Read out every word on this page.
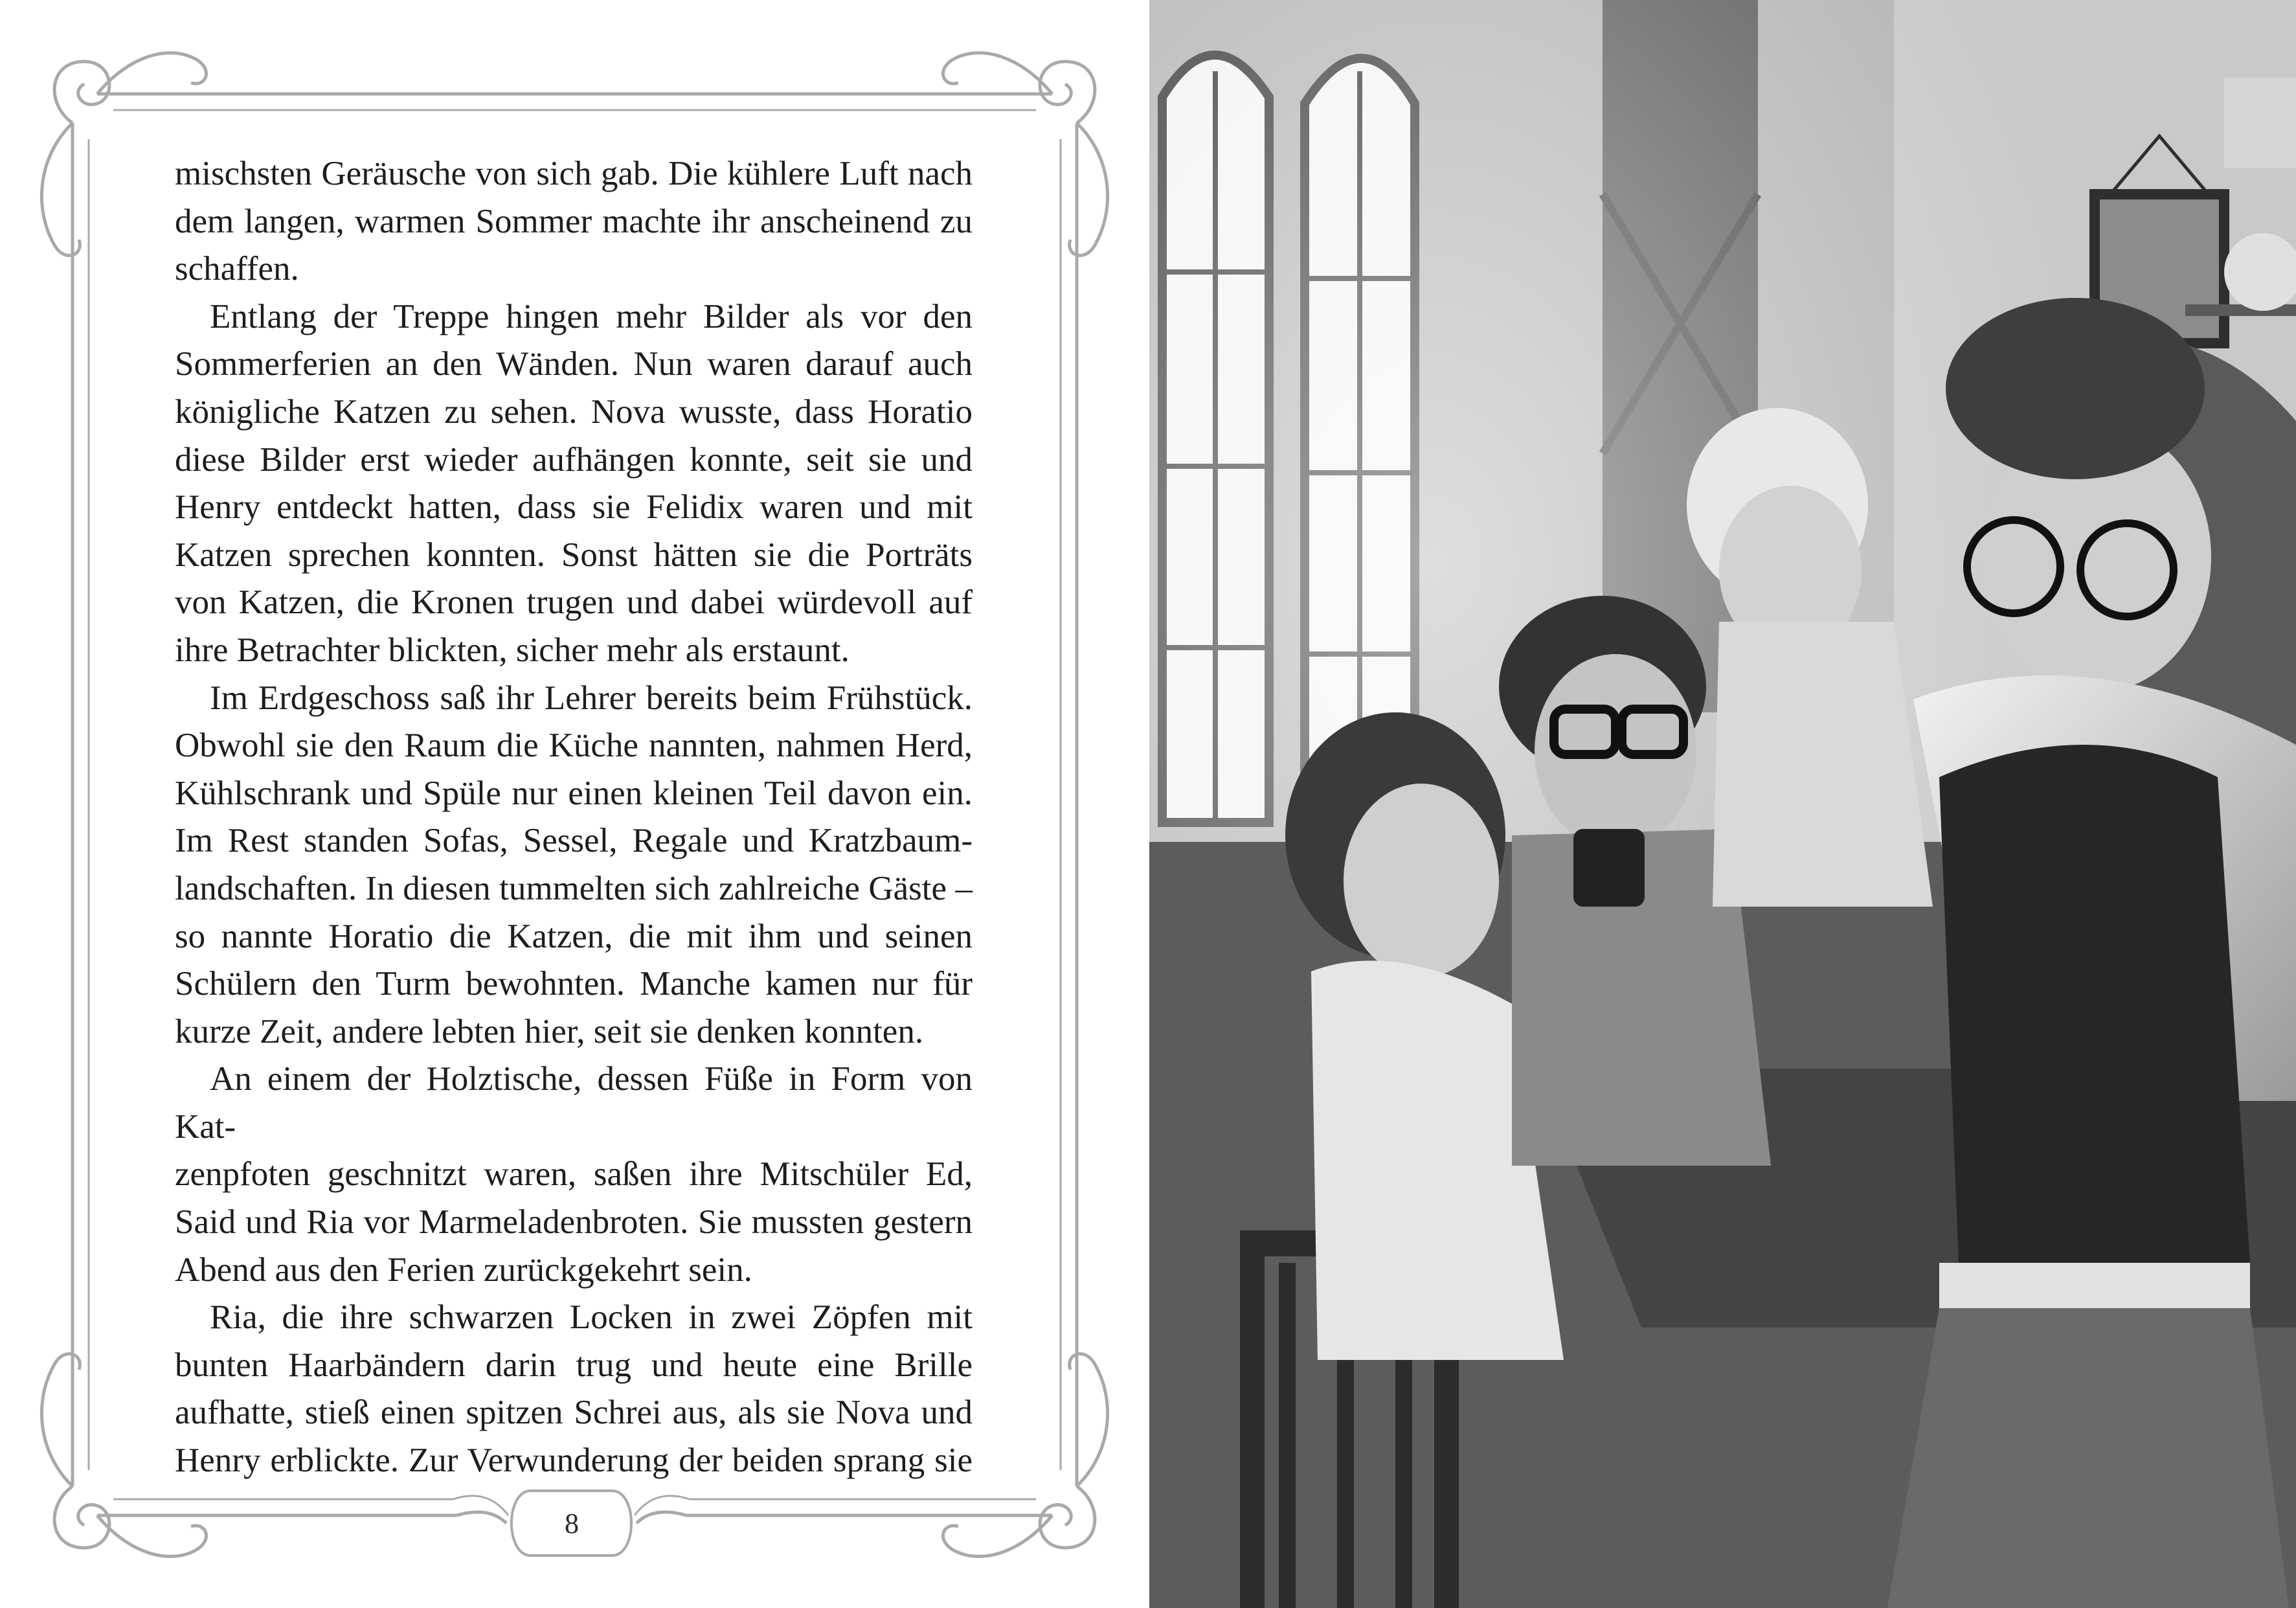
mischsten Geräusche von sich gab. Die kühlere Luft nach

dem langen, warmen Sommer machte ihr anscheinend zu

schaffen.

Entlang der Treppe hingen mehr Bilder als vor den

Sommerferien an den Wänden. Nun waren darauf auch

königliche Katzen zu sehen. Nova wusste, dass Horatio

diese Bilder erst wieder aufhängen konnte, seit sie und

Henry entdeckt hatten, dass sie Felidix waren und mit

Katzen sprechen konnten. Sonst hätten sie die Porträts

von Katzen, die Kronen trugen und dabei würdevoll auf

ihre Betrachter blickten, sicher mehr als erstaunt.

Im Erdgeschoss saß ihr Lehrer bereits beim Frühstück.

Obwohl sie den Raum die Küche nannten, nahmen Herd,

Kühlschrank und Spüle nur einen kleinen Teil davon ein.

Im Rest standen Sofas, Sessel, Regale und Kratzbaum-

landschaften. In diesen tummelten sich zahlreiche Gäste –

so nannte Horatio die Katzen, die mit ihm und seinen

Schülern den Turm bewohnten. Manche kamen nur für

kurze Zeit, andere lebten hier, seit sie denken konnten.

An einem der Holztische, dessen Füße in Form von Kat-

zenpfoten geschnitzt waren, saßen ihre Mitschüler Ed,

Said und Ria vor Marmeladenbroten. Sie mussten gestern

Abend aus den Ferien zurückgekehrt sein.

Ria, die ihre schwarzen Locken in zwei Zöpfen mit

bunten Haarbändern darin trug und heute eine Brille

aufhatte, stieß einen spitzen Schrei aus, als sie Nova und

Henry erblickte. Zur Verwunderung der beiden sprang sie

8
